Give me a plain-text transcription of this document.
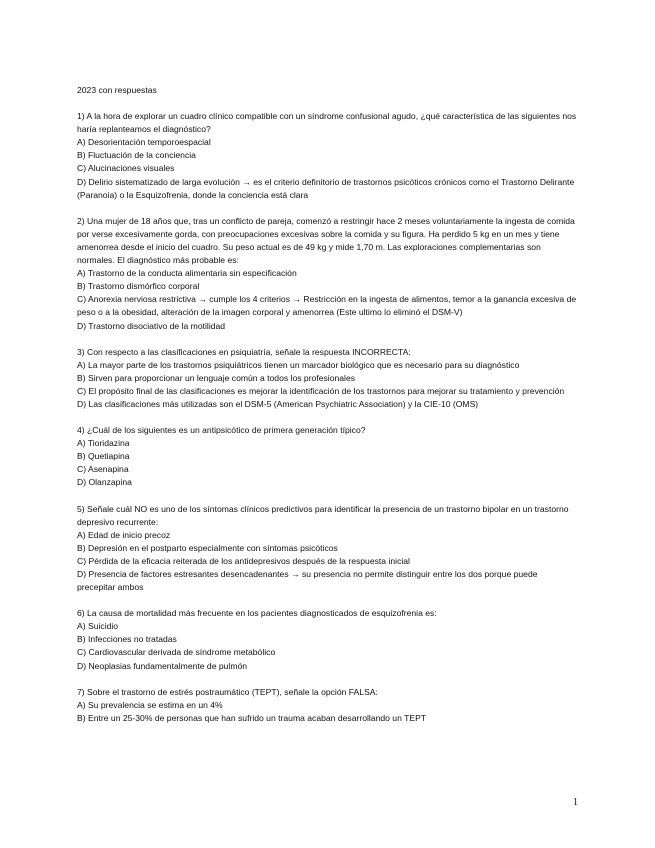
2023 con respuestas

1) A la hora de explorar un cuadro clínico compatible con un síndrome confusional agudo, ¿qué característica de las siguientes nos haría replanteamos el diagnóstico?

A) Desorientación temporoespacial
B) Fluctuación de la conciencia
C) Alucinaciones visuales
D) Delirio sistematizado de larga evolución → es el criterio definitorio de trastornos psicóticos crónicos como el Trastorno Delirante (Paranoia) o la Esquizofrenia, donde la conciencia está clara

2) Una mujer de 18 años que, tras un conflicto de pareja, comenzó a restringir hace 2 meses voluntariamente la ingesta de comida por verse excesivamente gorda, con preocupaciones excesivas sobre la comida y su figura. Ha perdido 5 kg en un mes y tiene amenorrea desde el inicio del cuadro. Su peso actual es de 49 kg y mide 1,70 m. Las exploraciones complementarias son normales. El diagnóstico más probable es:

A) Trastorno de la conducta alimentaria sin especificación
B) Trastorno dismórfico corporal
C) Anorexia nerviosa restrictiva → cumple los 4 criterios → Restricción en la ingesta de alimentos, temor a la ganancia excesiva de peso o a la obesidad, alteración de la imagen corporal y amenorrea (Este ultimo lo eliminó el DSM-V)
D) Trastorno disociativo de la motilidad

3) Con respecto a las clasificaciones en psiquiatría, señale la respuesta INCORRECTA:

A) La mayor parte de los trastornos psiquiátricos tienen un marcador biológico que es necesario para su diagnóstico
B) Sirven para proporcionar un lenguaje común a todos los profesionales
C) El propósito final de las clasificaciones es mejorar la identificación de los trastornos para mejorar su tratamiento y prevención
D) Las clasificaciones más utilizadas son el DSM-5 (American Psychiatric Association) y la CIE-10 (OMS)

4) ¿Cuál de los siguientes es un antipsicótico de primera generación típico?

A) Tioridazina
B) Quetiapina
C) Asenapina
D) Olanzapina

5) Señale cuál NO es uno de los síntomas clínicos predictivos para identificar la presencia de un trastorno bipolar en un trastorno depresivo recurrente:

A) Edad de inicio precoz
B) Depresión en el postparto especialmente con síntomas psicóticos
C) Pérdida de la eficacia reiterada de los antidepresivos después de la respuesta inicial
D) Presencia de factores estresantes desencadenantes → su presencia no permite distinguir entre los dos porque puede precepitar ambos

6) La causa de mortalidad más frecuente en los pacientes diagnosticados de esquizofrenia es:

A) Suicidio
B) Infecciones no tratadas
C) Cardiovascular derivada de síndrome metabólico
D) Neoplasias fundamentalmente de pulmón

7) Sobre el trastorno de estrés postraumático (TEPT), señale la opción FALSA:

A) Su prevalencia se estima en un 4%
B) Entre un 25-30% de personas que han sufrido un trauma acaban desarrollando un TEPT
1
